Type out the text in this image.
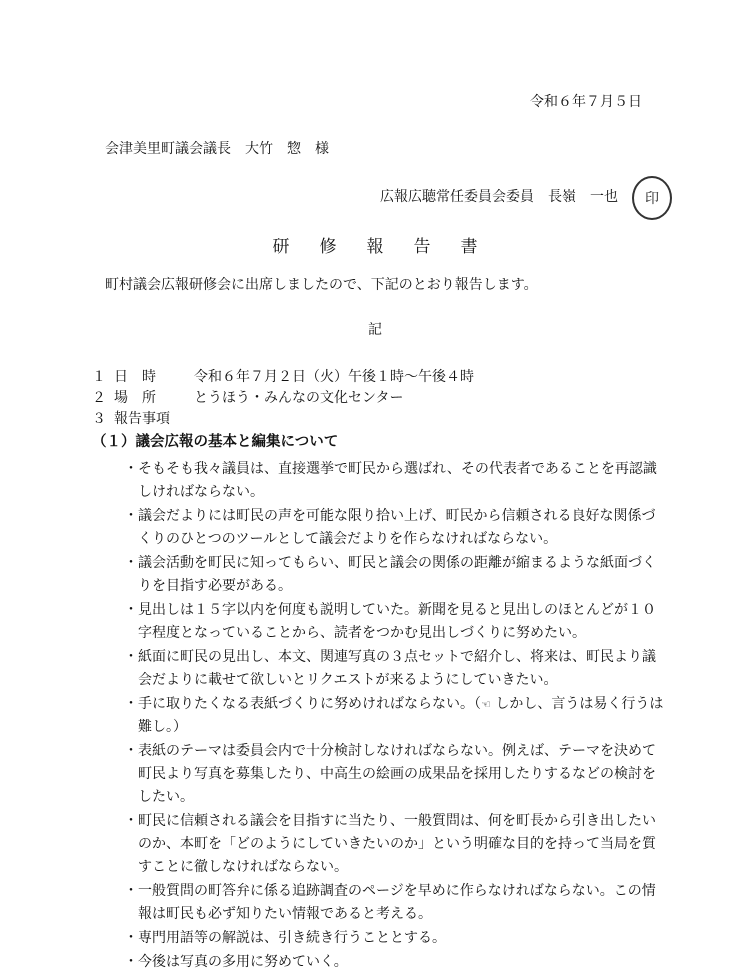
令和６年７月５日
会津美里町議会議長　大竹　惣　様
広報広聴常任委員会委員　長嶺　一也	印
研修報告書
町村議会広報研修会に出席しましたので、下記のとおり報告します。
記
１ 日　時	令和６年７月２日（火）午後１時〜午後４時
２ 場　所	とうほう・みんなの文化センター
３ 報告事項
（１）議会広報の基本と編集について
・ そもそも我々議員は、直接選挙で町民から選ばれ、その代表者であることを再認識しければならない。
・ 議会だよりには町民の声を可能な限り拾い上げ、町民から信頼される良好な関係づくりのひとつのツールとして議会だよりを作らなければならない。
・ 議会活動を町民に知ってもらい、町民と議会の関係の距離が縮まるような紙面づくりを目指す必要がある。
・ 見出しは１５字以内を何度も説明していた。新聞を見ると見出しのほとんどが１０字程度となっていることから、読者をつかむ見出しづくりに努めたい。
・ 紙面に町民の見出し、本文、関連写真の３点セットで紹介し、将来は、町民より議会だよりに載せて欲しいとリクエストが来るようにしていきたい。
・ 手に取りたくなる表紙づくりに努めければならない。（☜ しかし、言うは易く行うは難し。）
・ 表紙のテーマは委員会内で十分検討しなければならない。例えば、テーマを決めて町民より写真を募集したり、中高生の絵画の成果品を採用したりするなどの検討をしたい。
・ 町民に信頼される議会を目指すに当たり、一般質問は、何を町長から引き出したいのか、本町を「どのようにしていきたいのか」という明確な目的を持って当局を質すことに徹しなければならない。
・ 一般質問の町答弁に係る追跡調査のページを早めに作らなければならない。この情報は町民も必ず知りたい情報であると考える。
・ 専門用語等の解説は、引き続き行うこととする。
・ 今後は写真の多用に努めていく。
